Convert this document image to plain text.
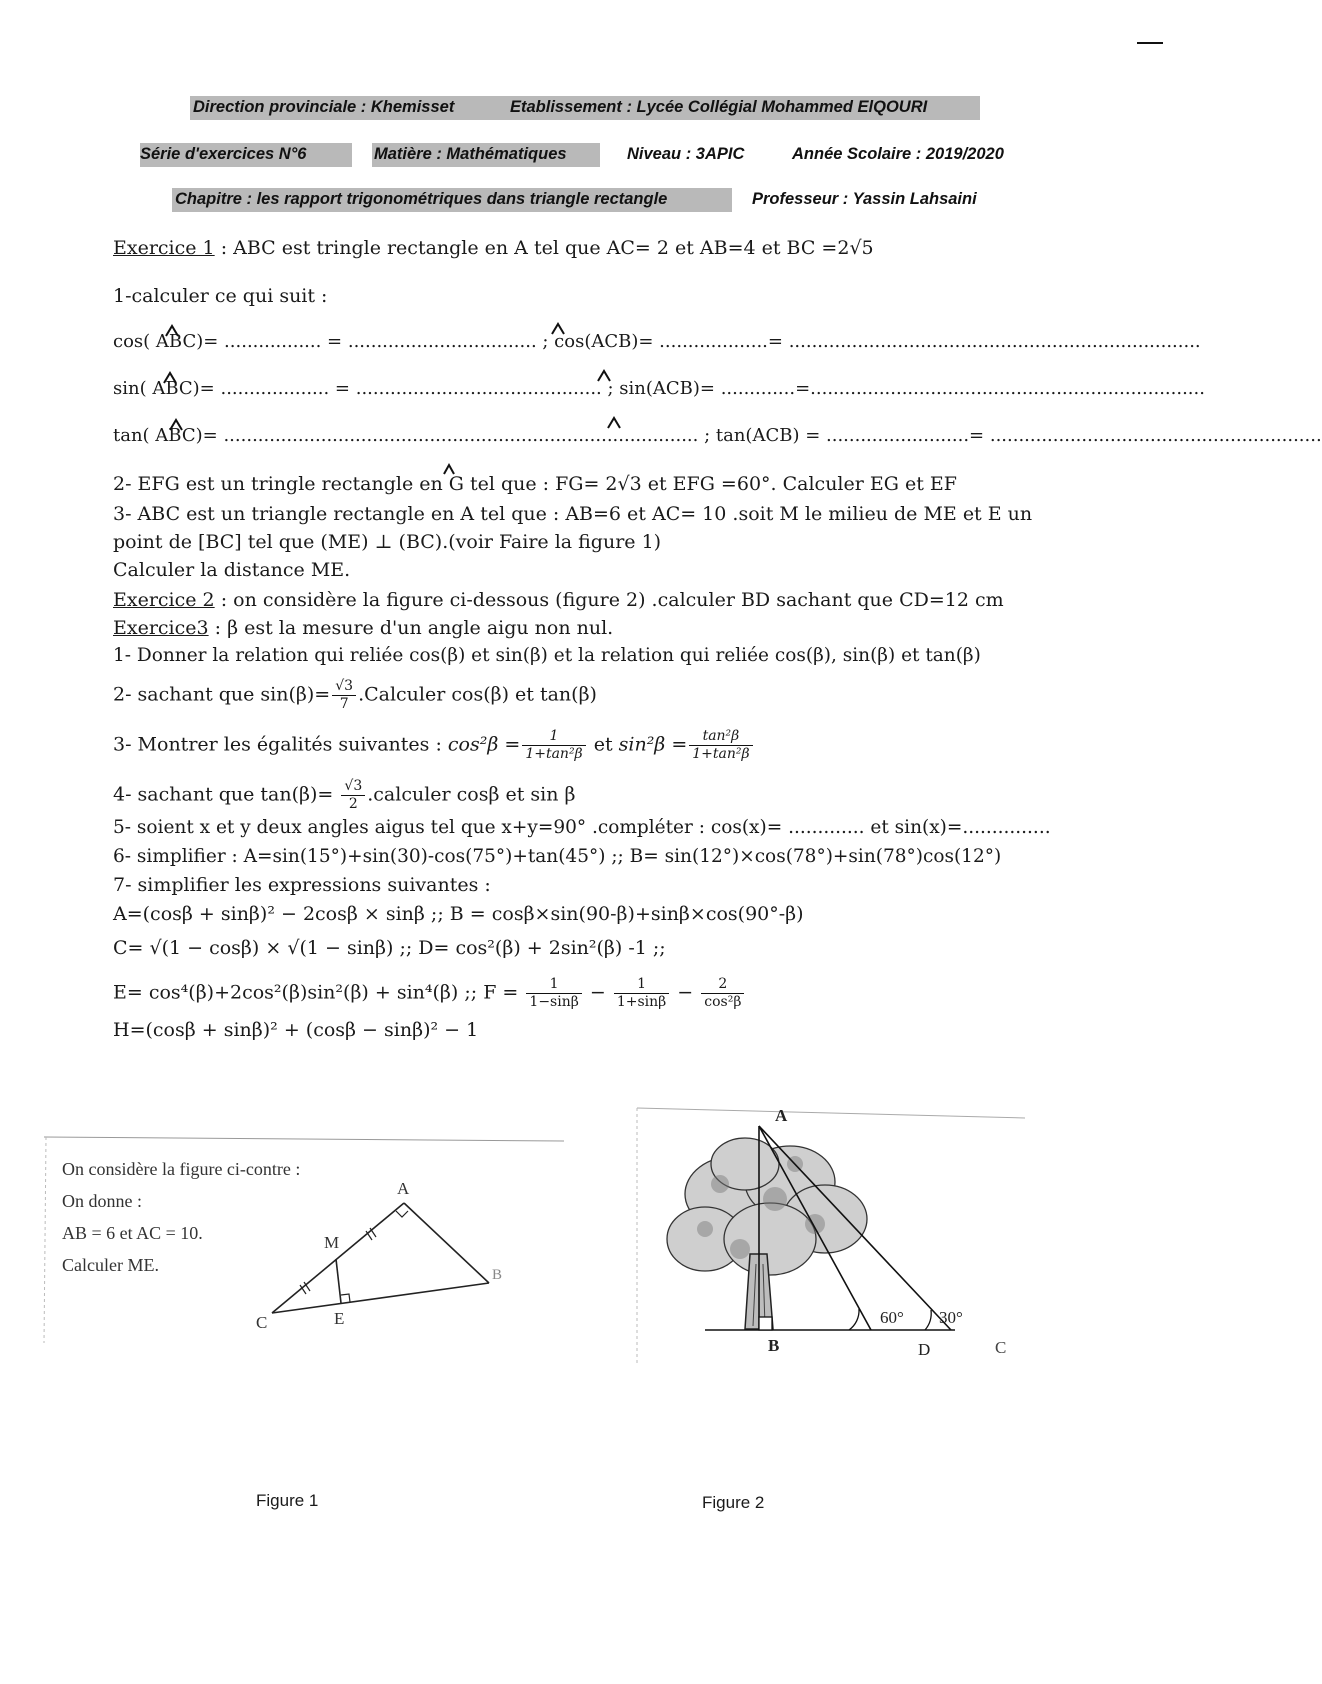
Direction provinciale : Khemisset	Etablissement : Lycée Collégial Mohammed ElQOURI
Série d'exercices N°6	Matière : Mathématiques	Niveau : 3APIC	Année Scolaire : 2019/2020
Chapitre : les rapport trigonométriques dans triangle rectangle	Professeur : Yassin Lahsaini
Exercice 1 : ABC est tringle rectangle en A tel que AC= 2 et AB=4 et BC =2√5
1-calculer ce qui suit :
cos( ABC)= ................. = ................................. ; cos(ACB)= ...................= ........................................................................
sin( ABC)= ................... = ........................................... ; sin(ACB)= .............=.....................................................................
tan( ABC)= ................................................................................... ; tan(ACB) = .........................= ..........................................................
2- EFG est un tringle rectangle en G tel que : FG= 2√3 et EFG =60°. Calculer EG et EF
3- ABC est un triangle rectangle en A tel que : AB=6 et AC= 10 .soit M le milieu de ME et E un
point de [BC] tel que (ME) ⊥ (BC).(voir Faire la figure 1)
Calculer la distance ME.
Exercice 2 : on considère la figure ci-dessous (figure 2) .calculer BD sachant que CD=12 cm
Exercice3 : β est la mesure d'un angle aigu non nul.
1- Donner la relation qui reliée cos(β) et sin(β) et la relation qui reliée cos(β), sin(β) et tan(β)
2- sachant que $\sin(\beta)= \frac{√3}{7}$ .Calculer cos(β) et tan(β)
3- Montrer les égalités suivantes : $\cos^2\beta = \frac{1}{\text{1+tan²β}}$ et $\sin^2\beta = \frac{\text{tan²β}}{\text{1+tan²β}}$
4- sachant que $\tan(\beta)= \frac{√3}{2}$ .calculer cosβ et sin β
5- soient x et y deux angles aigus tel que x+y=90° .compléter : cos(x)= ............. et sin(x)=...............
6- simplifier : A=sin(15°)+sin(30)-cos(75°)+tan(45°) ;; B= sin(12°)×cos(78°)+sin(78°)cos(12°)
7- simplifier les expressions suivantes :
A=(cosβ + sinβ)² − 2cosβ × sinβ ;; B = cosβ×sin(90-β)+sinβ×cos(90°-β)
C= √(1 − cosβ) × √(1 − sinβ) ;; D= cos²(β) + 2sin²(β) -1 ;;
E= cos⁴(β)+2cos²(β)sin²(β) + sin⁴(β) ;; $F = \frac{1}{1-\sin\beta} - \frac{1}{1+\sin\beta} - \frac{2}{\text{cos²β}}$
H=(cosβ + sinβ)² + (cosβ − sinβ)² − 1
On considère la figure ci-contre :
On donne :
AB = 6 et AC = 10.
Calculer ME.
A
M
C	E
B
A
B	D	C
60° 30°
Figure 1	Figure 2
